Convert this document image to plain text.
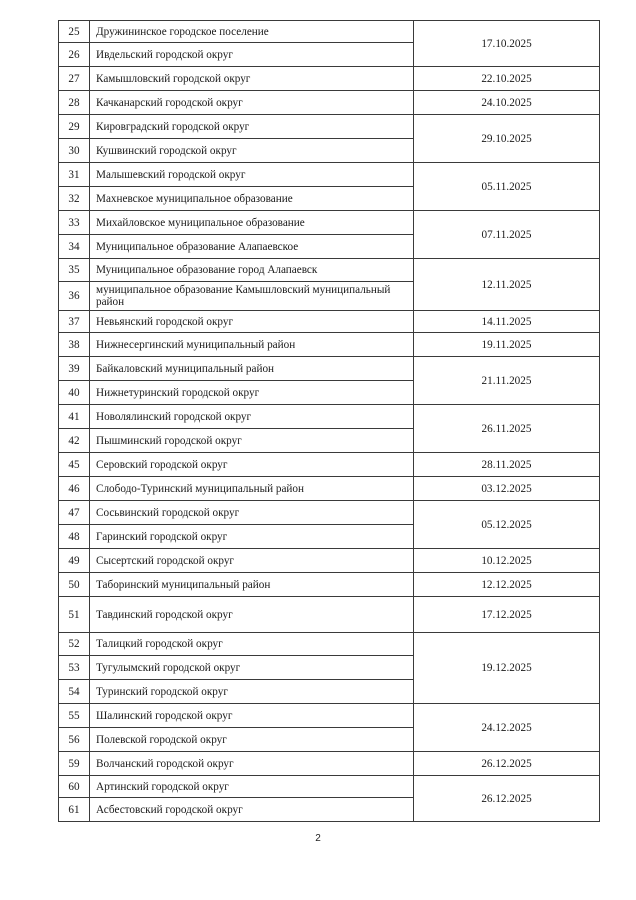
25	Дружининское городское поселение	17.10.2025
26	Ивдельский городской округ	
27	Камышловский городской округ	22.10.2025
28	Качканарский городской округ	24.10.2025
29	Кировградский городской округ	29.10.2025
30	Кушвинский городской округ	
31	Малышевский городской округ	05.11.2025
32	Махневское муниципальное образование	
33	Михайловское муниципальное образование	07.11.2025
34	Муниципальное образование Алапаевское	
35	Муниципальное образование город Алапаевск	12.11.2025
36	муниципальное образование Камышловский муниципальный район	
37	Невьянский городской округ	14.11.2025
38	Нижнесергинский муниципальный район	19.11.2025
39	Байкаловский муниципальный район	21.11.2025
40	Нижнетуринский городской округ	
41	Новолялинский городской округ	26.11.2025
42	Пышминский городской округ	
45	Серовский городской округ	28.11.2025
46	Слободо-Туринский муниципальный район	03.12.2025
47	Сосьвинский городской округ	05.12.2025
48	Гаринский городской округ	
49	Сысертский городской округ	10.12.2025
50	Таборинский муниципальный район	12.12.2025
51	Тавдинский городской округ	17.12.2025
52	Талицкий городской округ	19.12.2025
53	Тугулымский городской округ	
54	Туринский городской округ	
55	Шалинский городской округ	24.12.2025
56	Полевской городской округ	
59	Волчанский городской округ	26.12.2025
60	Артинский городской округ	26.12.2025
61	Асбестовский городской округ	
2
